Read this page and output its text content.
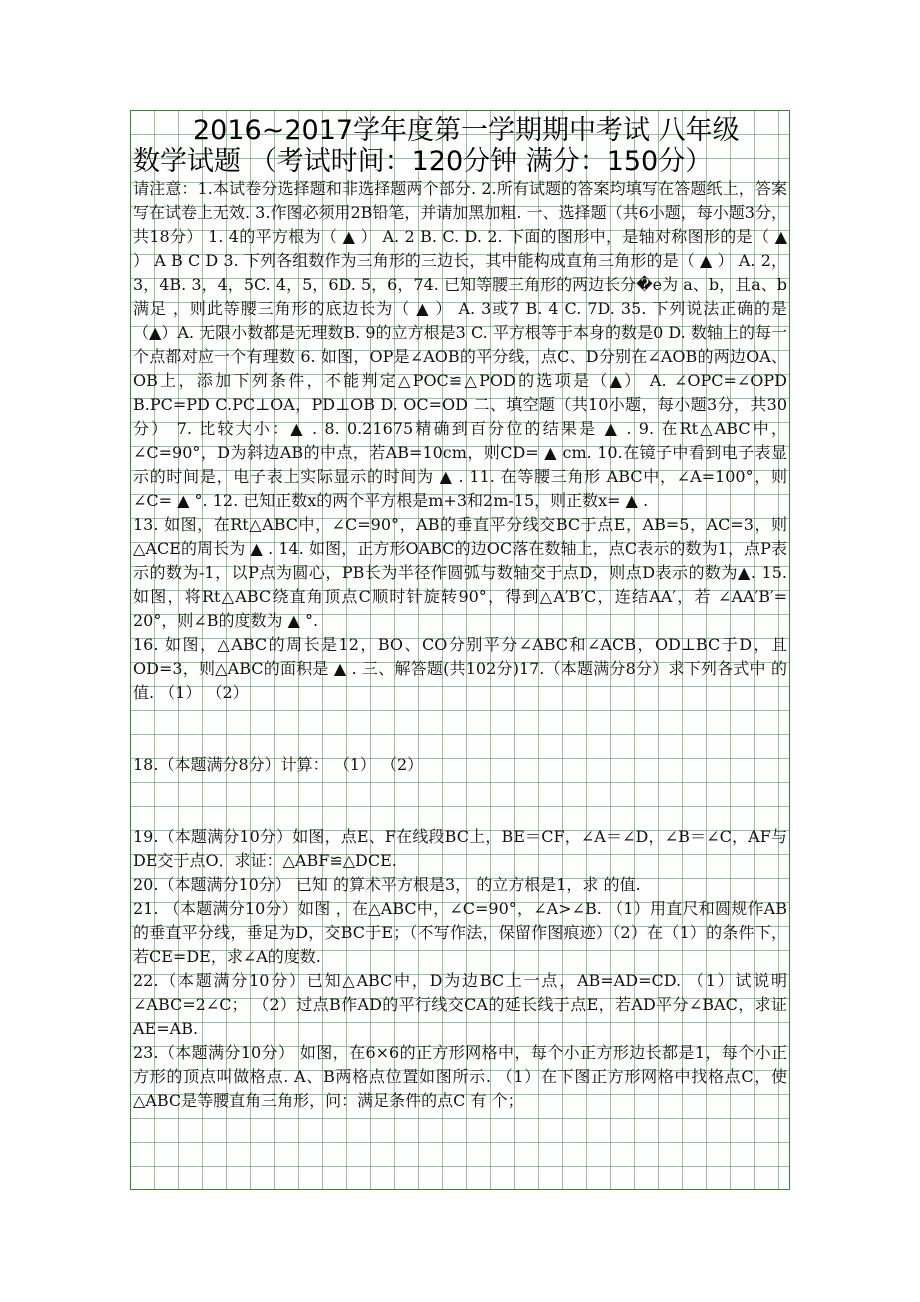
2016~2017学年度第一学期期中考试 八年级
数学试题 （考试时间：120分钟 满分：150分）

请注意：1.本试卷分选择题和非选择题两个部分. 2.所有试题的答案均填写在答题纸上，答案写在试卷上无效. 3.作图必须用2B铅笔，并请加黑加粗. 一、选择题（共6小题，每小题3分，共18分） 1. 4的平方根为（ ▲ ） A. 2 B. C. D. 2. 下面的图形中，是轴对称图形的是（ ▲ ） A B C D 3. 下列各组数作为三角形的三边长，其中能构成直角三角形的是（ ▲ ） A. 2，3，4B. 3，4，5C. 4，5，6D. 5，6，74. 已知等腰三角形的两边长分�e为 a、b，且a、b满足 ，则此等腰三角形的底边长为（ ▲ ） A. 3或7 B. 4 C. 7D. 35. 下列说法正确的是（▲）A. 无限小数都是无理数B. 9的立方根是3 C. 平方根等于本身的数是0 D. 数轴上的每一个点都对应一个有理数 6. 如图，OP是∠AOB的平分线，点C、D分别在∠AOB的两边OA、OB上，添加下列条件，不能判定△POC≌△POD的选项是（▲） A. ∠OPC=∠OPD B.PC=PD C.PC⊥OA，PD⊥OB D. OC=OD 二、填空题（共10小题，每小题3分，共30分） 7. 比较大小：▲ . 8. 0.21675精确到百分位的结果是 ▲ . 9. 在Rt△ABC中，∠C=90°，D为斜边AB的中点，若AB=10cm，则CD= ▲ cm. 10.在镜子中看到电子表显示的时间是，电子表上实际显示的时间为 ▲ . 11. 在等腰三角形 ABC中，∠A=100°，则∠C= ▲ °. 12. 已知正数x的两个平方根是m+3和2m-15，则正数x= ▲ .

13. 如图，在Rt△ABC中，∠C=90°，AB的垂直平分线交BC于点E，AB=5，AC=3，则△ACE的周长为 ▲ . 14. 如图，正方形OABC的边OC落在数轴上，点C表示的数为1，点P表示的数为-1，以P点为圆心，PB长为半径作圆弧与数轴交于点D，则点D表示的数为▲. 15. 如图，将Rt△ABC绕直角顶点C顺时针旋转90°，得到△A′B′C，连结AA′，若 ∠AA′B′= 20°，则∠B的度数为 ▲ °.

16. 如图，△ABC的周长是12，BO、CO分别平分∠ABC和∠ACB，OD⊥BC于D，且OD=3，则△ABC的面积是 ▲ . 三、解答题(共102分)17.（本题满分8分）求下列各式中 的值. （1） （2）

18.（本题满分8分）计算： （1） （2）

19.（本题满分10分）如图，点E、F在线段BC上，BE＝CF，∠A＝∠D，∠B＝∠C，AF与DE交于点O．求证：△ABF≌△DCE.

20.（本题满分10分） 已知 的算术平方根是3， 的立方根是1，求 的值.

21. （本题满分10分）如图 ，在△ABC中，∠C=90°，∠A>∠B. （1）用直尺和圆规作AB的垂直平分线，垂足为D，交BC于E；（不写作法，保留作图痕迹）（2）在（1）的条件下，若CE=DE，求∠A的度数.

22.（本题满分10分）已知△ABC中，D为边BC上一点，AB=AD=CD. （1）试说明∠ABC=2∠C； （2）过点B作AD的平行线交CA的延长线于点E，若AD平分∠BAC，求证AE=AB.

23.（本题满分10分） 如图，在6×6的正方形网格中，每个小正方形边长都是1，每个小正方形的顶点叫做格点. A、B两格点位置如图所示. （1）在下图正方形网格中找格点C，使△ABC是等腰直角三角形，问：满足条件的点C 有 个；
